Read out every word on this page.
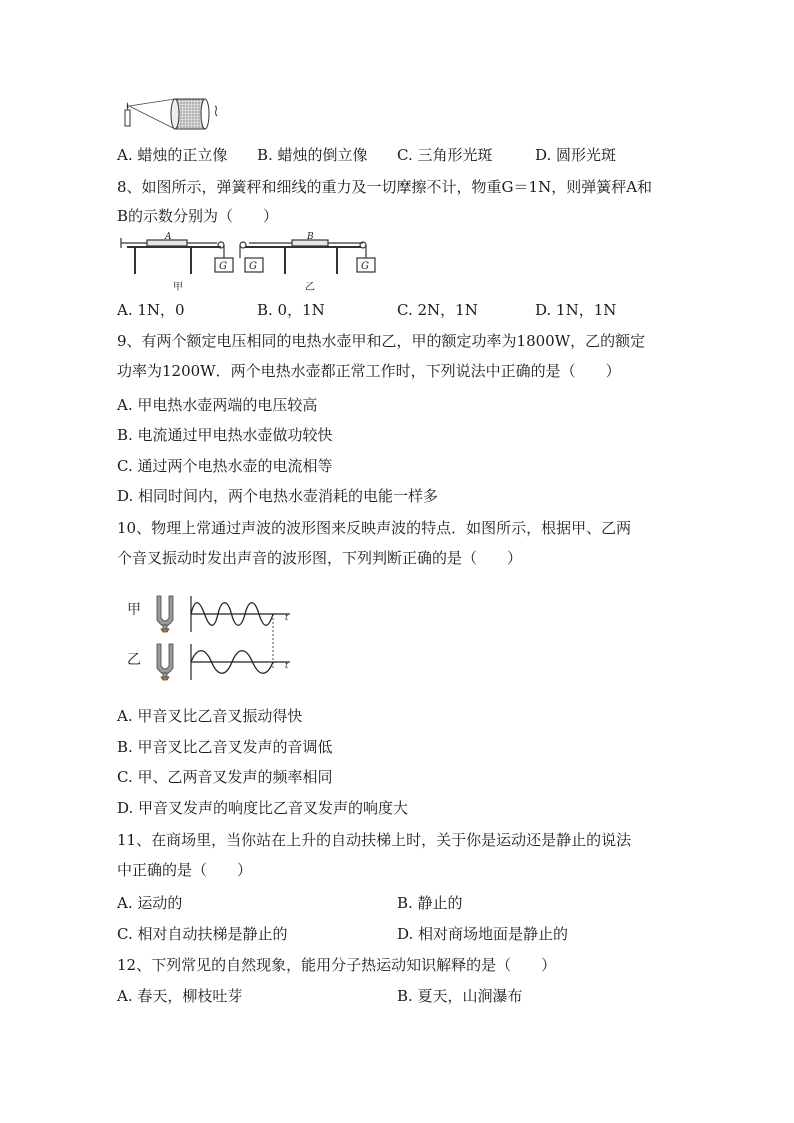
A. 蜡烛的正立像 B. 蜡烛的倒立像 C. 三角形光斑	D. 圆形光斑
8、如图所示，弹簧秤和细线的重力及一切摩擦不计，物重G＝1N，则弹簧秤A和
B的示数分别为（　　）
A	B
G G	G
甲	乙
A. 1N，0	B. 0，1N	C. 2N，1N	D. 1N，1N
9、有两个额定电压相同的电热水壶甲和乙，甲的额定功率为1800W，乙的额定
功率为1200W．两个电热水壶都正常工作时，下列说法中正确的是（　　）
A. 甲电热水壶两端的电压较高
B. 电流通过甲电热水壶做功较快
C. 通过两个电热水壶的电流相等
D. 相同时间内，两个电热水壶消耗的电能一样多
10、物理上常通过声波的波形图来反映声波的特点．如图所示，根据甲、乙两
个音叉振动时发出声音的波形图，下列判断正确的是（　　）
甲
乙
t
t
A. 甲音叉比乙音叉振动得快
B. 甲音叉比乙音叉发声的音调低
C. 甲、乙两音叉发声的频率相同
D. 甲音叉发声的响度比乙音叉发声的响度大
11、在商场里，当你站在上升的自动扶梯上时，关于你是运动还是静止的说法
中正确的是（　　）
A. 运动的	B. 静止的
C. 相对自动扶梯是静止的	D. 相对商场地面是静止的
12、下列常见的自然现象，能用分子热运动知识解释的是（　　）
A. 春天，柳枝吐芽	B. 夏天，山涧瀑布
